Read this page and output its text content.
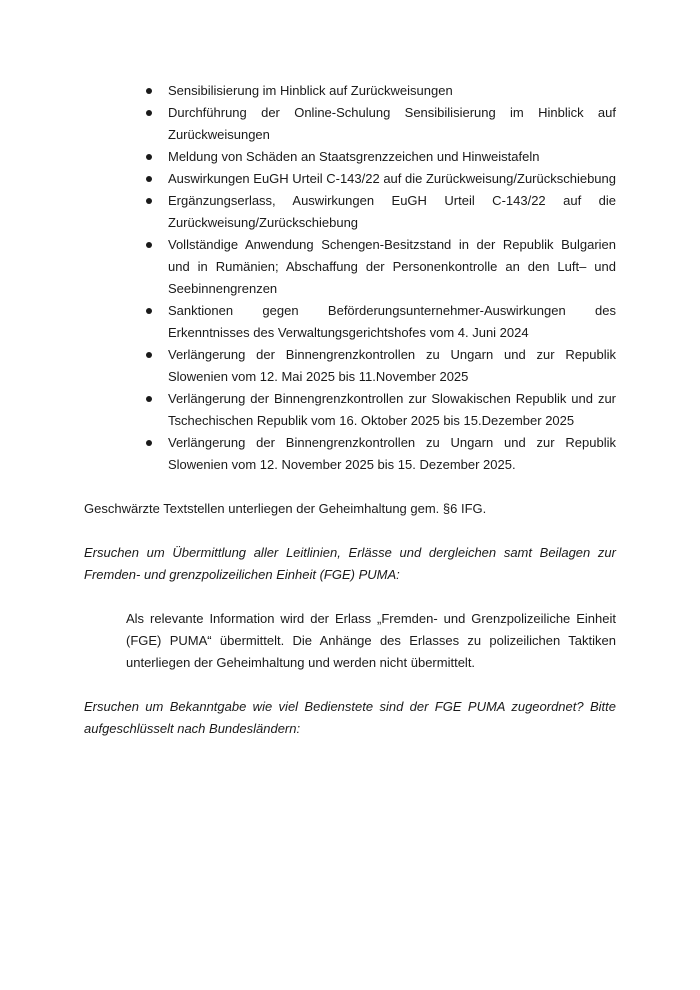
Sensibilisierung im Hinblick auf Zurückweisungen
Durchführung der Online-Schulung Sensibilisierung im Hinblick auf Zurückweisungen
Meldung von Schäden an Staatsgrenzzeichen und Hinweistafeln
Auswirkungen EuGH Urteil C-143/22 auf die Zurückweisung/Zurückschiebung
Ergänzungserlass, Auswirkungen EuGH Urteil C-143/22 auf die Zurückweisung/Zurückschiebung
Vollständige Anwendung Schengen-Besitzstand in der Republik Bulgarien und in Rumänien; Abschaffung der Personenkontrolle an den Luft– und Seebinnengrenzen
Sanktionen gegen Beförderungsunternehmer-Auswirkungen des Erkenntnisses des Verwaltungsgerichtshofes vom 4. Juni 2024
Verlängerung der Binnengrenzkontrollen zu Ungarn und zur Republik Slowenien vom 12. Mai 2025 bis 11.November 2025
Verlängerung der Binnengrenzkontrollen zur Slowakischen Republik und zur Tschechischen Republik vom 16. Oktober 2025 bis 15.Dezember 2025
Verlängerung der Binnengrenzkontrollen zu Ungarn und zur Republik Slowenien vom 12. November 2025 bis 15. Dezember 2025.

Geschwärzte Textstellen unterliegen der Geheimhaltung gem. §6 IFG.

Ersuchen um Übermittlung aller Leitlinien, Erlässe und dergleichen samt Beilagen zur Fremden- und grenzpolizeilichen Einheit (FGE) PUMA:

Als relevante Information wird der Erlass „Fremden- und Grenzpolizeiliche Einheit (FGE) PUMA“ übermittelt. Die Anhänge des Erlasses zu polizeilichen Taktiken unterliegen der Geheimhaltung und werden nicht übermittelt.

Ersuchen um Bekanntgabe wie viel Bedienstete sind der FGE PUMA zugeordnet? Bitte aufgeschlüsselt nach Bundesländern:
